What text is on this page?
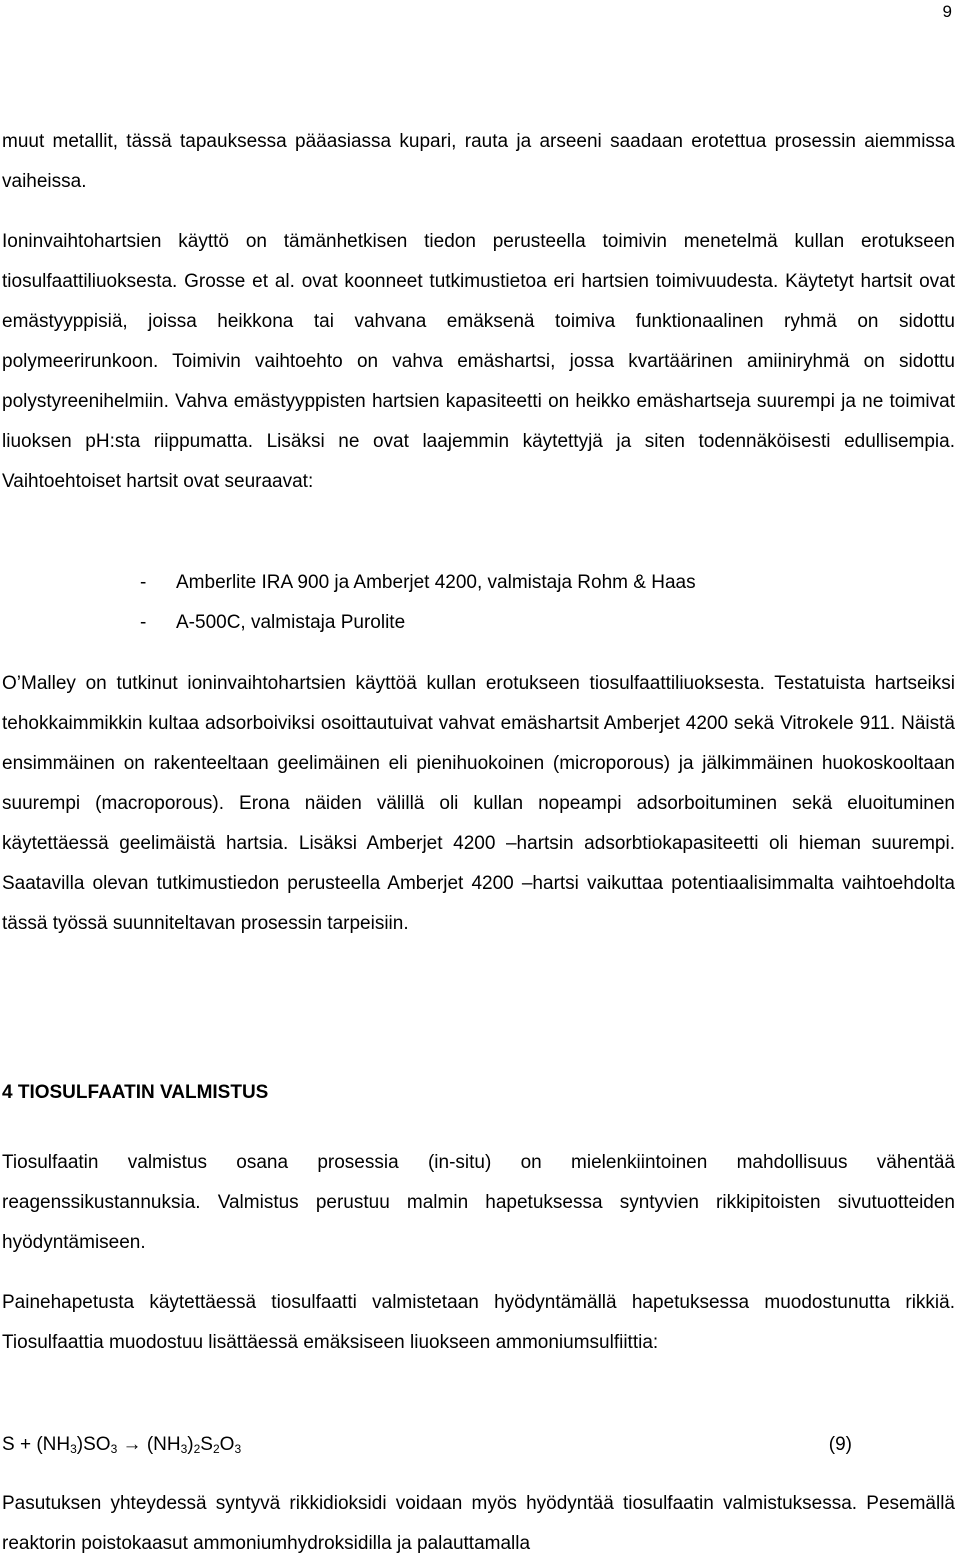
9

muut metallit, tässä tapauksessa pääasiassa kupari, rauta ja arseeni saadaan erotettua prosessin aiemmissa vaiheissa.

Ioninvaihtohartsien käyttö on tämänhetkisen tiedon perusteella toimivin menetelmä kullan erotukseen tiosulfaattiliuoksesta. Grosse et al. ovat koonneet tutkimustietoa eri hartsien toimivuudesta. Käytetyt hartsit ovat emästyyppisiä, joissa heikkona tai vahvana emäksenä toimiva funktionaalinen ryhmä on sidottu polymeerirunkoon. Toimivin vaihtoehto on vahva emäshartsi, jossa kvartäärinen amiiniryhmä on sidottu polystyreenihelmiin. Vahva emästyyppisten hartsien kapasiteetti on heikko emäshartseja suurempi ja ne toimivat liuoksen pH:sta riippumatta. Lisäksi ne ovat laajemmin käytettyjä ja siten todennäköisesti edullisempia. Vaihtoehtoiset hartsit ovat seuraavat:

- Amberlite IRA 900 ja Amberjet 4200, valmistaja Rohm & Haas
- A-500C, valmistaja Purolite

O’Malley on tutkinut ioninvaihtohartsien käyttöä kullan erotukseen tiosulfaattiliuoksesta. Testatuista hartseiksi tehokkaimmikkin kultaa adsorboiviksi osoittautuivat vahvat emäshartsit Amberjet 4200 sekä Vitrokele 911. Näistä ensimmäinen on rakenteeltaan geelimäinen eli pienihuokoinen (microporous) ja jälkimmäinen huokoskooltaan suurempi (macroporous). Erona näiden välillä oli kullan nopeampi adsorboituminen sekä eluoituminen käytettäessä geelimäistä hartsia. Lisäksi Amberjet 4200 –hartsin adsorbtiokapasiteetti oli hieman suurempi. Saatavilla olevan tutkimustiedon perusteella Amberjet 4200 –hartsi vaikuttaa potentiaalisimmalta vaihtoehdolta tässä työssä suunniteltavan prosessin tarpeisiin.

4 TIOSULFAATIN VALMISTUS

Tiosulfaatin valmistus osana prosessia (in-situ) on mielenkiintoinen mahdollisuus vähentää reagenssikustannuksia. Valmistus perustuu malmin hapetuksessa syntyvien rikkipitoisten sivutuotteiden hyödyntämiseen.

Painehapetusta käytettäessä tiosulfaatti valmistetaan hyödyntämällä hapetuksessa muodostunutta rikkiä. Tiosulfaattia muodostuu lisättäessä emäksiseen liuokseen ammoniumsulfiittia:

$S + (NH_3)SO_3 \to (NH_3)_2S_2O_3$	(9)

Pasutuksen yhteydessä syntyvä rikkidioksidi voidaan myös hyödyntää tiosulfaatin valmistuksessa. Pesemällä reaktorin poistokaasut ammoniumhydroksidilla ja palauttamalla
